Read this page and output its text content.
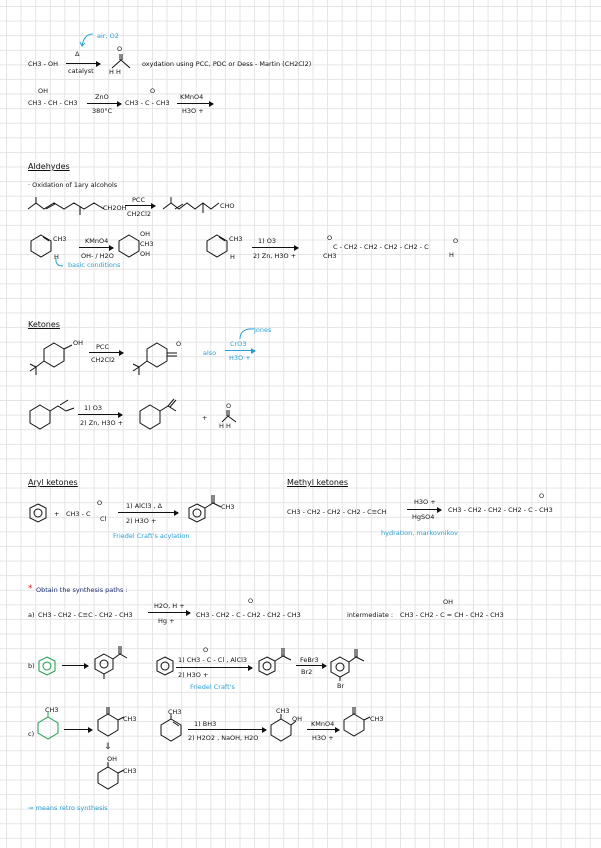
air, O2
Δ
CH3 - OH
catalyst
O
H H
oxydation using PCC, PDC or Dess - Martin (CH2Cl2)
OH
CH3 - CH - CH3
ZnO
380°C
O
CH3 - C - CH3
KMnO4
H3O +
Aldehydes
· Oxidation of 1ary alcohols
CH2OH
PCC
CH2Cl2
CHO
CH3
H
KMnO4
OH- / H2O
basic conditions
OH
CH3
OH
CH3
H
1) O3
2) Zn, H3O +
O
C - CH2 - CH2 - CH2 - CH2 - C
CH3
O
H
Ketones
OH PCC
CH2Cl2
O
also
CrO3
H3O +
Jones
1) O3
2) Zn, H3O +
+
O
H H
Aryl ketones
+ CH3 - C
O
Cl
1) AlCl3 , Δ
2) H3O +
Friedel Craft's acylation
CH3
Methyl ketones
CH3 - CH2 - CH2 - CH2 - C≡CH
H3O +
HgSO4
O
CH3 - CH2 - CH2 - CH2 - C - CH3
hydration, markovnikov
* Obtain the synthesis paths :
a) CH3 - CH2 - C≡C - CH2 - CH3
H2O, H +
Hg +
O
CH3 - CH2 - C - CH2 - CH2 - CH3	intermediate :
OH
CH3 - CH2 - C = CH - CH2 - CH3
b)
O
1) CH3 - C - Cl , AlCl3
2) H3O +
Friedel Craft's
FeBr3
Br2
Br
c)
CH3
CH3
⇓
OH
CH3
CH3
1) BH3
2) H2O2 , NaOH, H2O
CH3
OH
KMnO4
H3O +
CH3
⇒ means retro synthesis
